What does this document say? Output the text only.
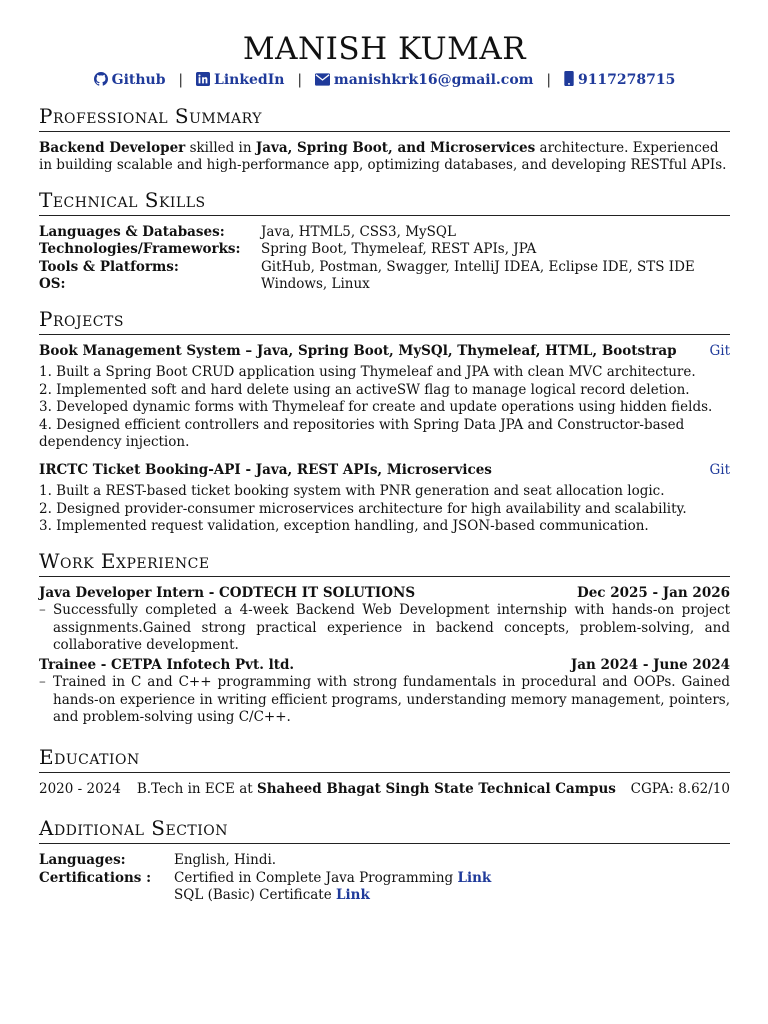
MANISH KUMAR
Github | LinkedIn | manishkrk16@gmail.com | 9117278715
Professional Summary
Backend Developer skilled in Java, Spring Boot, and Microservices architecture. Experienced in building scalable and high-performance app, optimizing databases, and developing RESTful APIs.
Technical Skills
Languages & Databases:	Java, HTML5, CSS3, MySQL
Technologies/Frameworks:	Spring Boot, Thymeleaf, REST APIs, JPA
Tools & Platforms:	GitHub, Postman, Swagger, IntelliJ IDEA, Eclipse IDE, STS IDE
OS:	Windows, Linux
Projects
Book Management System – Java, Spring Boot, MySQl, Thymeleaf, HTML, Bootstrap Git
1. Built a Spring Boot CRUD application using Thymeleaf and JPA with clean MVC architecture.
2. Implemented soft and hard delete using an activeSW flag to manage logical record deletion.
3. Developed dynamic forms with Thymeleaf for create and update operations using hidden fields.
4. Designed efficient controllers and repositories with Spring Data JPA and Constructor-based dependency injection.
IRCTC Ticket Booking-API - Java, REST APIs, Microservices	Git
1. Built a REST-based ticket booking system with PNR generation and seat allocation logic.
2. Designed provider-consumer microservices architecture for high availability and scalability.
3. Implemented request validation, exception handling, and JSON-based communication.
Work Experience
Java Developer Intern - CODTECH IT SOLUTIONS	Dec 2025 - Jan 2026
– Successfully completed a 4-week Backend Web Development internship with hands-on project assignments.Gained strong practical experience in backend concepts, problem-solving, and collaborative development.
Trainee - CETPA Infotech Pvt. ltd.	Jan 2024 - June 2024
– Trained in C and C++ programming with strong fundamentals in procedural and OOPs. Gained hands-on experience in writing efficient programs, understanding memory management, pointers, and problem-solving using C/C++.
Education
2020 - 2024 B.Tech in ECE at Shaheed Bhagat Singh State Technical Campus CGPA: 8.62/10
Additional Section
Languages:	English, Hindi.
Certifications :	Certified in Complete Java Programming Link
SQL (Basic) Certificate Link
